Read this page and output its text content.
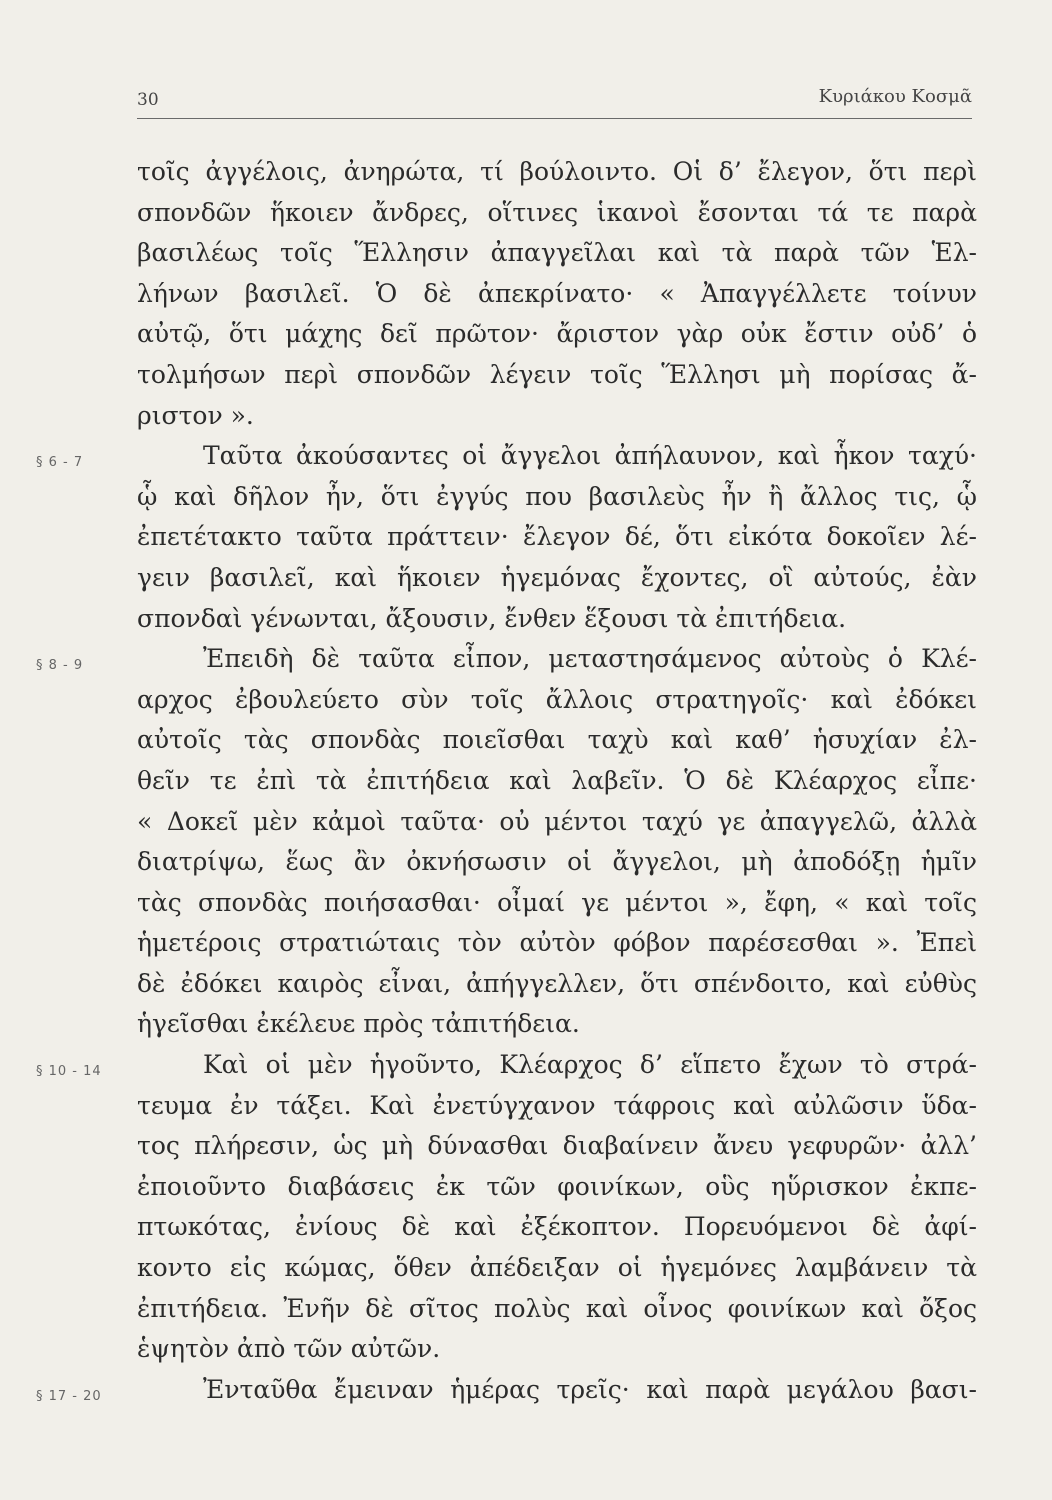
30	Κυριάκου Κοσμᾶ
τοῖς ἀγγέλοις, ἀνηρώτα, τί βούλοιντο. Οἱ δ’ ἔλεγον, ὅτι περὶ
σπονδῶν ἥκοιεν ἄνδρες, οἵτινες ἱκανοὶ ἔσονται τά τε παρὰ
βασιλέως τοῖς Ἕλλησιν ἀπαγγεῖλαι καὶ τὰ παρὰ τῶν Ἑλ-
λήνων βασιλεῖ. Ὁ δὲ ἀπεκρίνατο· « Ἀπαγγέλλετε τοίνυν
αὐτῷ, ὅτι μάχης δεῖ πρῶτον· ἄριστον γὰρ οὐκ ἔστιν οὐδ’ ὁ
τολμήσων περὶ σπονδῶν λέγειν τοῖς Ἕλλησι μὴ πορίσας ἄ-
ριστον ».
Ταῦτα ἀκούσαντες οἱ ἄγγελοι ἀπήλαυνον, καὶ ἧκον ταχύ·
ᾧ καὶ δῆλον ἦν, ὅτι ἐγγύς που βασιλεὺς ἦν ἢ ἄλλος τις, ᾧ
ἐπετέτακτο ταῦτα πράττειν· ἔλεγον δέ, ὅτι εἰκότα δοκοῖεν λέ-
γειν βασιλεῖ, καὶ ἥκοιεν ἡγεμόνας ἔχοντες, οἳ αὐτούς, ἐὰν
σπονδαὶ γένωνται, ἄξουσιν, ἔνθεν ἕξουσι τὰ ἐπιτήδεια.
Ἐπειδὴ δὲ ταῦτα εἶπον, μεταστησάμενος αὐτοὺς ὁ Κλέ-
αρχος ἐβουλεύετο σὺν τοῖς ἄλλοις στρατηγοῖς· καὶ ἐδόκει
αὐτοῖς τὰς σπονδὰς ποιεῖσθαι ταχὺ καὶ καθ’ ἡσυχίαν ἐλ-
θεῖν τε ἐπὶ τὰ ἐπιτήδεια καὶ λαβεῖν. Ὁ δὲ Κλέαρχος εἶπε·
« Δοκεῖ μὲν κἀμοὶ ταῦτα· οὐ μέντοι ταχύ γε ἀπαγγελῶ, ἀλλὰ
διατρίψω, ἕως ἂν ὀκνήσωσιν οἱ ἄγγελοι, μὴ ἀποδόξῃ ἡμῖν
τὰς σπονδὰς ποιήσασθαι· οἶμαί γε μέντοι », ἔφη, « καὶ τοῖς
ἡμετέροις στρατιώταις τὸν αὐτὸν φόβον παρέσεσθαι ». Ἐπεὶ
δὲ ἐδόκει καιρὸς εἶναι, ἀπήγγελλεν, ὅτι σπένδοιτο, καὶ εὐθὺς
ἡγεῖσθαι ἐκέλευε πρὸς τἀπιτήδεια.
Καὶ οἱ μὲν ἡγοῦντο, Κλέαρχος δ’ εἵπετο ἔχων τὸ στρά-
τευμα ἐν τάξει. Καὶ ἐνετύγχανον τάφροις καὶ αὐλῶσιν ὕδα-
τος πλήρεσιν, ὡς μὴ δύνασθαι διαβαίνειν ἄνευ γεφυρῶν· ἀλλ’
ἐποιοῦντο διαβάσεις ἐκ τῶν φοινίκων, οὓς ηὕρισκον ἐκπε-
πτωκότας, ἐνίους δὲ καὶ ἐξέκοπτον. Πορευόμενοι δὲ ἀφί-
κοντο εἰς κώμας, ὅθεν ἀπέδειξαν οἱ ἡγεμόνες λαμβάνειν τὰ
ἐπιτήδεια. Ἐνῆν δὲ σῖτος πολὺς καὶ οἶνος φοινίκων καὶ ὄξος
ἑψητὸν ἀπὸ τῶν αὐτῶν.
Ἐνταῦθα ἔμειναν ἡμέρας τρεῖς· καὶ παρὰ μεγάλου βασι-
§ 6 - 7
§ 8 - 9
§ 10 - 14
§ 17 - 20
